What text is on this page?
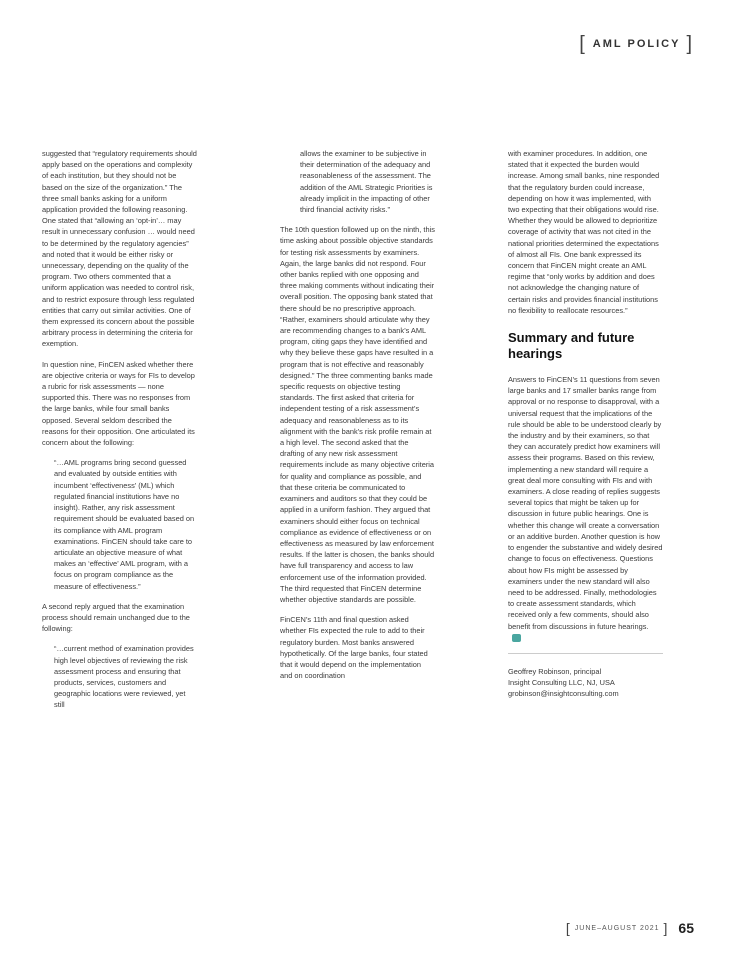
[ AML POLICY ]

suggested that “regulatory requirements should apply based on the operations and complexity of each institution, but they should not be based on the size of the organization.” The three small banks asking for a uniform application provided the following reasoning. One stated that “allowing an ‘opt-in’… may result in unnecessary confusion … would need to be determined by the regulatory agencies” and noted that it would be either risky or unnecessary, depending on the quality of the program. Two others commented that a uniform application was needed to control risk, and to restrict exposure through less regulated entities that carry out similar activities. One of them expressed its concern about the possible arbitrary process in determining the criteria for exemption.

In question nine, FinCEN asked whether there are objective criteria or ways for FIs to develop a rubric for risk assessments — none supported this. There was no responses from the large banks, while four small banks opposed. Several seldom described the reasons for their opposition. One articulated its concern about the following:

“…AML programs bring second guessed and evaluated by outside entities with incumbent ‘effectiveness’ (ML) which regulated financial institutions have no insight). Rather, any risk assessment requirement should be evaluated based on its compliance with AML program examinations. FinCEN should take care to articulate an objective measure of what makes an ‘effective’ AML program, with a focus on program compliance as the measure of effectiveness.”

A second reply argued that the examination process should remain unchanged due to the following:

“…current method of examination provides high level objectives of reviewing the risk assessment process and ensuring that products, services, customers and geographic locations were reviewed, yet still

allows the examiner to be subjective in their determination of the adequacy and reasonableness of the assessment. The addition of the AML Strategic Priorities is already implicit in the impacting of other third financial activity risks.”

The 10th question followed up on the ninth, this time asking about possible objective standards for testing risk assessments by examiners. Again, the large banks did not respond. Four other banks replied with one opposing and three making comments without indicating their overall position. The opposing bank stated that there should be no prescriptive approach. “Rather, examiners should articulate why they are recommending changes to a bank’s AML program, citing gaps they have identified and why they believe these gaps have resulted in a program that is not effective and reasonably designed.” The three commenting banks made specific requests on objective testing standards. The first asked that criteria for independent testing of a risk assessment’s adequacy and reasonableness as to its alignment with the bank’s risk profile remain at a high level. The second asked that the drafting of any new risk assessment requirements include as many objective criteria for quality and compliance as possible, and that these criteria be communicated to examiners and auditors so that they could be applied in a uniform fashion. They argued that examiners should either focus on technical compliance as evidence of effectiveness or on effectiveness as measured by law enforcement results. If the latter is chosen, the banks should have full transparency and access to law enforcement use of the information provided. The third requested that FinCEN determine whether objective standards are possible.

FinCEN’s 11th and final question asked whether FIs expected the rule to add to their regulatory burden. Most banks answered hypothetically. Of the large banks, four stated that it would depend on the implementation and on coordination

with examiner procedures. In addition, one stated that it expected the burden would increase. Among small banks, nine responded that the regulatory burden could increase, depending on how it was implemented, with two expecting that their obligations would rise. Whether they would be allowed to deprioritize coverage of activity that was not cited in the national priorities determined the expectations of almost all FIs. One bank expressed its concern that FinCEN might create an AML regime that “only works by addition and does not acknowledge the changing nature of certain risks and provides financial institutions no flexibility to reallocate resources.”

Summary and future hearings

Answers to FinCEN’s 11 questions from seven large banks and 17 smaller banks range from approval or no response to disapproval, with a universal request that the implications of the rule should be able to be understood clearly by the industry and by their examiners, so that they can accurately predict how examiners will assess their programs. Based on this review, implementing a new standard will require a great deal more consulting with FIs and with examiners. A close reading of replies suggests several topics that might be taken up for discussion in future public hearings. One is whether this change will create a conversation or an additive burden. Another question is how to engender the substantive and widely desired change to focus on effectiveness. Questions about how FIs might be assessed by examiners under the new standard will also need to be addressed. Finally, methodologies to create assessment standards, which received only a few comments, should also benefit from discussions in future hearings.

Geoffrey Robinson, principal
Insight Consulting LLC, NJ, USA
grobinson@insightconsulting.com
[ JUNE–AUGUST 2021 ] 65
